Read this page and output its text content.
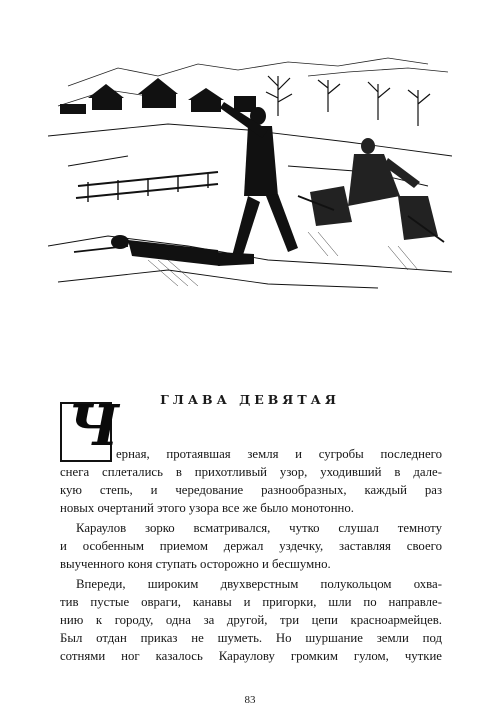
ГЛАВА ДЕВЯТАЯ
Ч
ерная, протаявшая земля и сугробы последнего
снега сплетались в прихотливый узор, уходивший в дале-
кую степь, и чередование разнообразных, каждый раз
новых очертаний этого узора все же было монотонно.
Караулов зорко всматривался, чутко слушал темноту
и особенным приемом держал уздечку, заставляя своего
выученного коня ступать осторожно и бесшумно.
Впереди, широким двухверстным полукольцом охва-
тив пустые овраги, канавы и пригорки, шли по направле-
нию к городу, одна за другой, три цепи красноармейцев.
Был отдан приказ не шуметь. Но шуршание земли под
сотнями ног казалось Караулову громким гулом, чуткие
83
